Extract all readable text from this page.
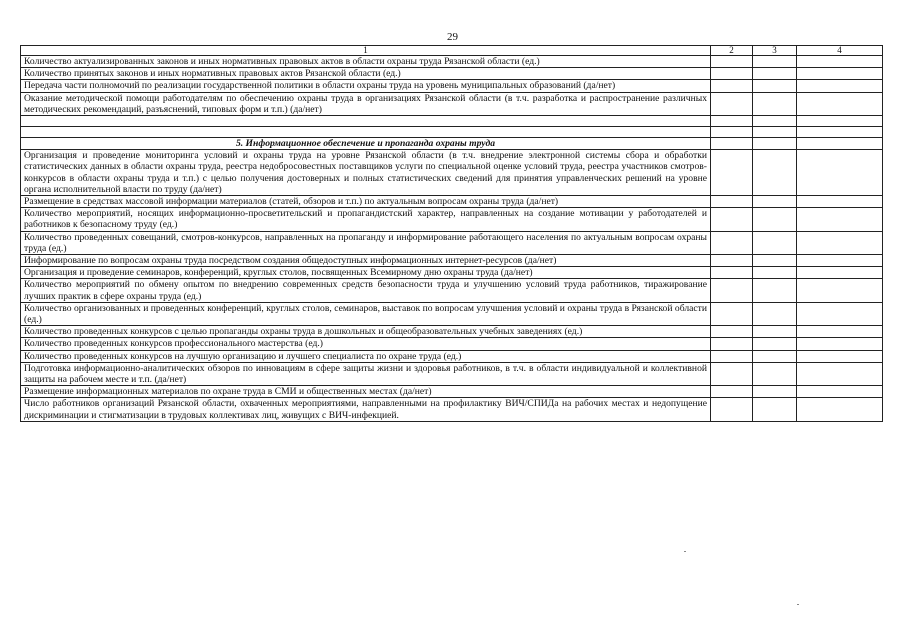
29
1	2	3	4
Количество актуализированных законов и иных нормативных правовых актов в области охраны труда Рязанской области (ед.)			
Количество принятых законов и иных нормативных правовых актов Рязанской области (ед.)			
Передача части полномочий по реализации государственной политики в области охраны труда на уровень муниципальных образований (да/нет)			
Оказание методической помощи работодателям по обеспечению охраны труда в организациях Рязанской области (в т.ч. разработка и распространение различных методических рекомендаций, разъяснений, типовых форм и т.п.) (да/нет)			

5. Информационное обеспечение и пропаганда охраны труда			
Организация и проведение мониторинга условий и охраны труда на уровне Рязанской области (в т.ч. внедрение электронной системы сбора и обработки статистических данных в области охраны труда, реестра недобросовестных поставщиков услуги по специальной оценке условий труда, реестра участников смотров-конкурсов в области охраны труда и т.п.) с целью получения достоверных и полных статистических сведений для принятия управленческих решений на уровне органа исполнительной власти по труду (да/нет)			
Размещение в средствах массовой информации материалов (статей, обзоров и т.п.) по актуальным вопросам охраны труда (да/нет)			
Количество мероприятий, носящих информационно-просветительский и пропагандистский характер, направленных на создание мотивации у работодателей и работников к безопасному труду (ед.)			
Количество проведенных совещаний, смотров-конкурсов, направленных на пропаганду и информирование работающего населения по актуальным вопросам охраны труда (ед.)			
Информирование по вопросам охраны труда посредством создания общедоступных информационных интернет-ресурсов (да/нет)			
Организация и проведение семинаров, конференций, круглых столов, посвященных Всемирному дню охраны труда (да/нет)			
Количество мероприятий по обмену опытом по внедрению современных средств безопасности труда и улучшению условий труда работников, тиражирование лучших практик в сфере охраны труда (ед.)			
Количество организованных и проведенных конференций, круглых столов, семинаров, выставок по вопросам улучшения условий и охраны труда в Рязанской области (ед.)			
Количество проведенных конкурсов с целью пропаганды охраны труда в дошкольных и общеобразовательных учебных заведениях (ед.)			
Количество проведенных конкурсов профессионального мастерства (ед.)			
Количество проведенных конкурсов на лучшую организацию и лучшего специалиста по охране труда (ед.)			
Подготовка информационно-аналитических обзоров по инновациям в сфере защиты жизни и здоровья работников, в т.ч. в области индивидуальной и коллективной защиты на рабочем месте и т.п. (да/нет)			
Размещение информационных материалов по охране труда в СМИ и общественных местах (да/нет)			
Число работников организаций Рязанской области, охваченных мероприятиями, направленными на профилактику ВИЧ/СПИДа на рабочих местах и недопущение дискриминации и стигматизации в трудовых коллективах лиц, живущих с ВИЧ-инфекцией.			
